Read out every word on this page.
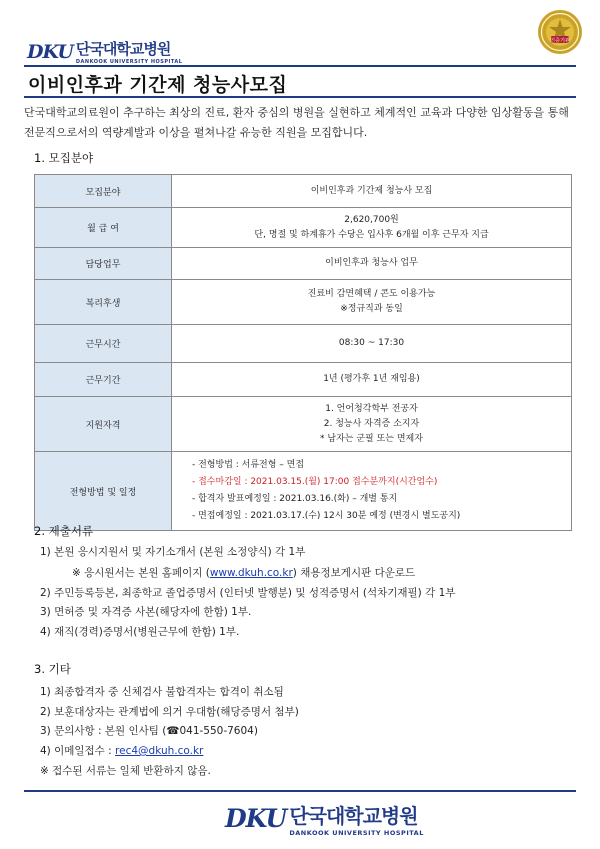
DKU 단국대학교병원
DANKOOK UNIVERSITY HOSPITAL
인증기관
이비인후과 기간제 청능사모집
단국대학교의료원이 추구하는 최상의 진료, 환자 중심의 병원을 실현하고 체계적인 교육과 다양한 임상활동을 통해 전문직으로서의 역량계발과 이상을 펼쳐나갈 유능한 직원을 모집합니다.
1. 모집분야
모집분야	이비인후과 기간제 청능사 모집

월 급 여	2,620,700원
단, 명절 및 하계휴가 수당은 입사후 6개월 이후 근무자 지급

담당업무	이비인후과 청능사 업무

복리후생	진료비 감면혜택 / 콘도 이용가능
※정규직과 동일

근무시간	08:30 ~ 17:30

근무기간	1년 (평가후 1년 재임용)

지원자격	1. 언어청각학부 전공자
2. 청능사 자격증 소지자
* 남자는 군필 또는 면제자

전형방법 및 일정	- 전형방법 : 서류전형 – 면접
- 접수마감일 : 2021.03.15.(월) 17:00 접수분까지(시간엄수)
- 합격자 발표예정일 : 2021.03.16.(화) – 개별 통지
- 면접예정일 : 2021.03.17.(수) 12시 30분 예정 (변경시 별도공지)
2. 제출서류
1) 본원 응시지원서 및 자기소개서 (본원 소정양식) 각 1부
※ 응시원서는 본원 홈페이지 (www.dkuh.co.kr) 채용정보게시판 다운로드
2) 주민등록등본, 최종학교 졸업증명서 (인터넷 발행분) 및 성적증명서 (석차기재필) 각 1부
3) 면허증 및 자격증 사본(해당자에 한함) 1부.
4) 재직(경력)증명서(병원근무에 한함) 1부.
3. 기타
1) 최종합격자 중 신체검사 불합격자는 합격이 취소됨
2) 보훈대상자는 관계법에 의거 우대함(해당증명서 첨부)
3) 문의사항 : 본원 인사팀 (☎041-550-7604)
4) 이메일접수 : rec4@dkuh.co.kr
※ 접수된 서류는 일체 반환하지 않음.
DKU 단국대학교병원
DANKOOK UNIVERSITY HOSPITAL
